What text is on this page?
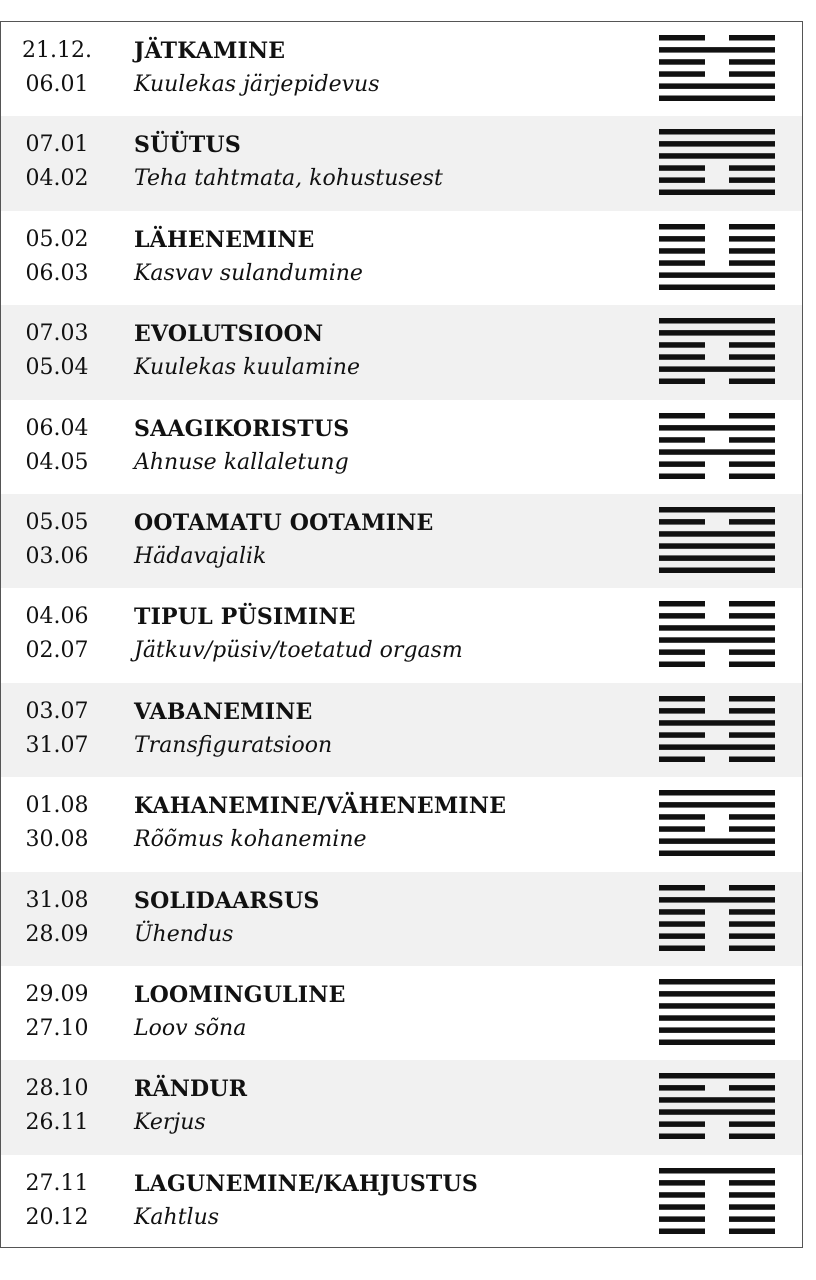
21.12.
06.01
JÄTKAMINE
Kuulekas järjepidevus
07.01
04.02
SÜÜTUS
Teha tahtmata, kohustusest
05.02
06.03
LÄHENEMINE
Kasvav sulandumine
07.03
05.04
EVOLUTSIOON
Kuulekas kuulamine
06.04
04.05
SAAGIKORISTUS
Ahnuse kallaletung
05.05
03.06
OOTAMATU OOTAMINE
Hädavajalik
04.06
02.07
TIPUL PÜSIMINE
Jätkuv/püsiv/toetatud orgasm
03.07
31.07
VABANEMINE
Transfiguratsioon
01.08
30.08
KAHANEMINE/VÄHENEMINE
Rõõmus kohanemine
31.08
28.09
SOLIDAARSUS
Ühendus
29.09
27.10
LOOMINGULINE
Loov sõna
28.10
26.11
RÄNDUR
Kerjus
27.11
20.12
LAGUNEMINE/KAHJUSTUS
Kahtlus
